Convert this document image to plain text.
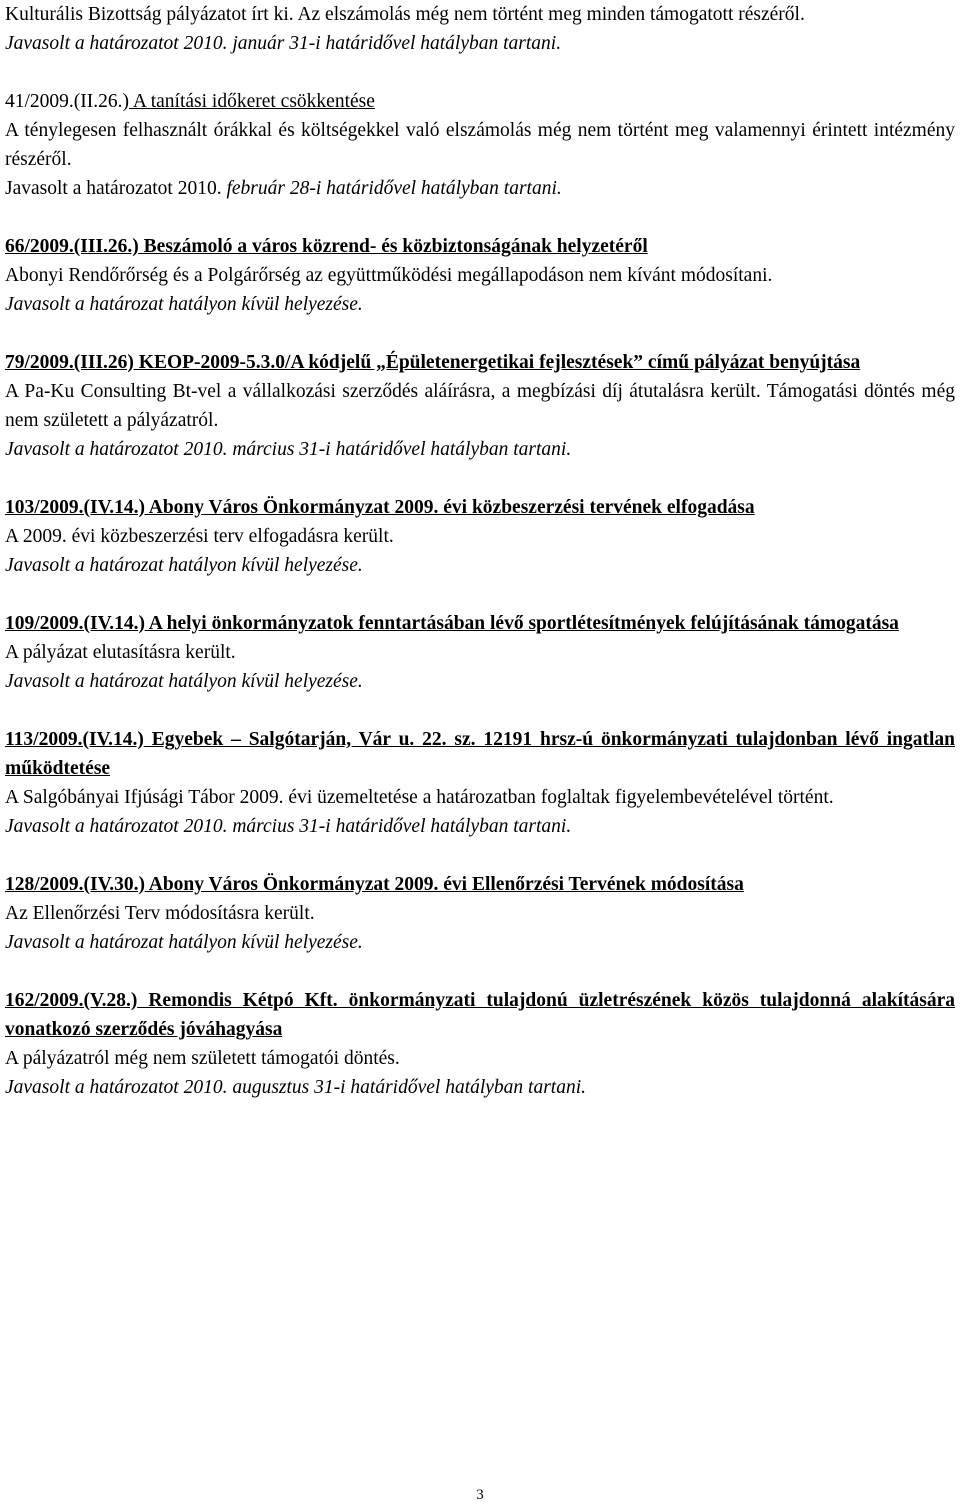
Kulturális Bizottság pályázatot írt ki. Az elszámolás még nem történt meg minden támogatott részéről.

Javasolt a határozatot 2010. január 31-i határidővel hatályban tartani.

41/2009.(II.26.) A tanítási időkeret csökkentése

A ténylegesen felhasznált órákkal és költségekkel való elszámolás még nem történt meg valamennyi érintett intézmény részéről.

Javasolt a határozatot 2010. február 28-i határidővel hatályban tartani.

66/2009.(III.26.) Beszámoló a város közrend- és közbiztonságának helyzetéről

Abonyi Rendőrőrség és a Polgárőrség az együttműködési megállapodáson nem kívánt módosítani.

Javasolt a határozat hatályon kívül helyezése.

79/2009.(III.26) KEOP-2009-5.3.0/A kódjelű „Épületenergetikai fejlesztések” című pályázat benyújtása

A Pa-Ku Consulting Bt-vel a vállalkozási szerződés aláírásra, a megbízási díj átutalásra került. Támogatási döntés még nem született a pályázatról.

Javasolt a határozatot 2010. március 31-i határidővel hatályban tartani.

103/2009.(IV.14.) Abony Város Önkormányzat 2009. évi közbeszerzési tervének elfogadása

A 2009. évi közbeszerzési terv elfogadásra került.

Javasolt a határozat hatályon kívül helyezése.

109/2009.(IV.14.) A helyi önkormányzatok fenntartásában lévő sportlétesítmények felújításának támogatása

A pályázat elutasításra került.

Javasolt a határozat hatályon kívül helyezése.

113/2009.(IV.14.) Egyebek – Salgótarján, Vár u. 22. sz. 12191 hrsz-ú önkormányzati tulajdonban lévő ingatlan működtetése

A Salgóbányai Ifjúsági Tábor 2009. évi üzemeltetése a határozatban foglaltak figyelembevételével történt.

Javasolt a határozatot 2010. március 31-i határidővel hatályban tartani.

128/2009.(IV.30.) Abony Város Önkormányzat 2009. évi Ellenőrzési Tervének módosítása

Az Ellenőrzési Terv módosításra került.

Javasolt a határozat hatályon kívül helyezése.

162/2009.(V.28.) Remondis Kétpó Kft. önkormányzati tulajdonú üzletrészének közös tulajdonná alakítására vonatkozó szerződés jóváhagyása

A pályázatról még nem született támogatói döntés.

Javasolt a határozatot 2010. augusztus 31-i határidővel hatályban tartani.

3
